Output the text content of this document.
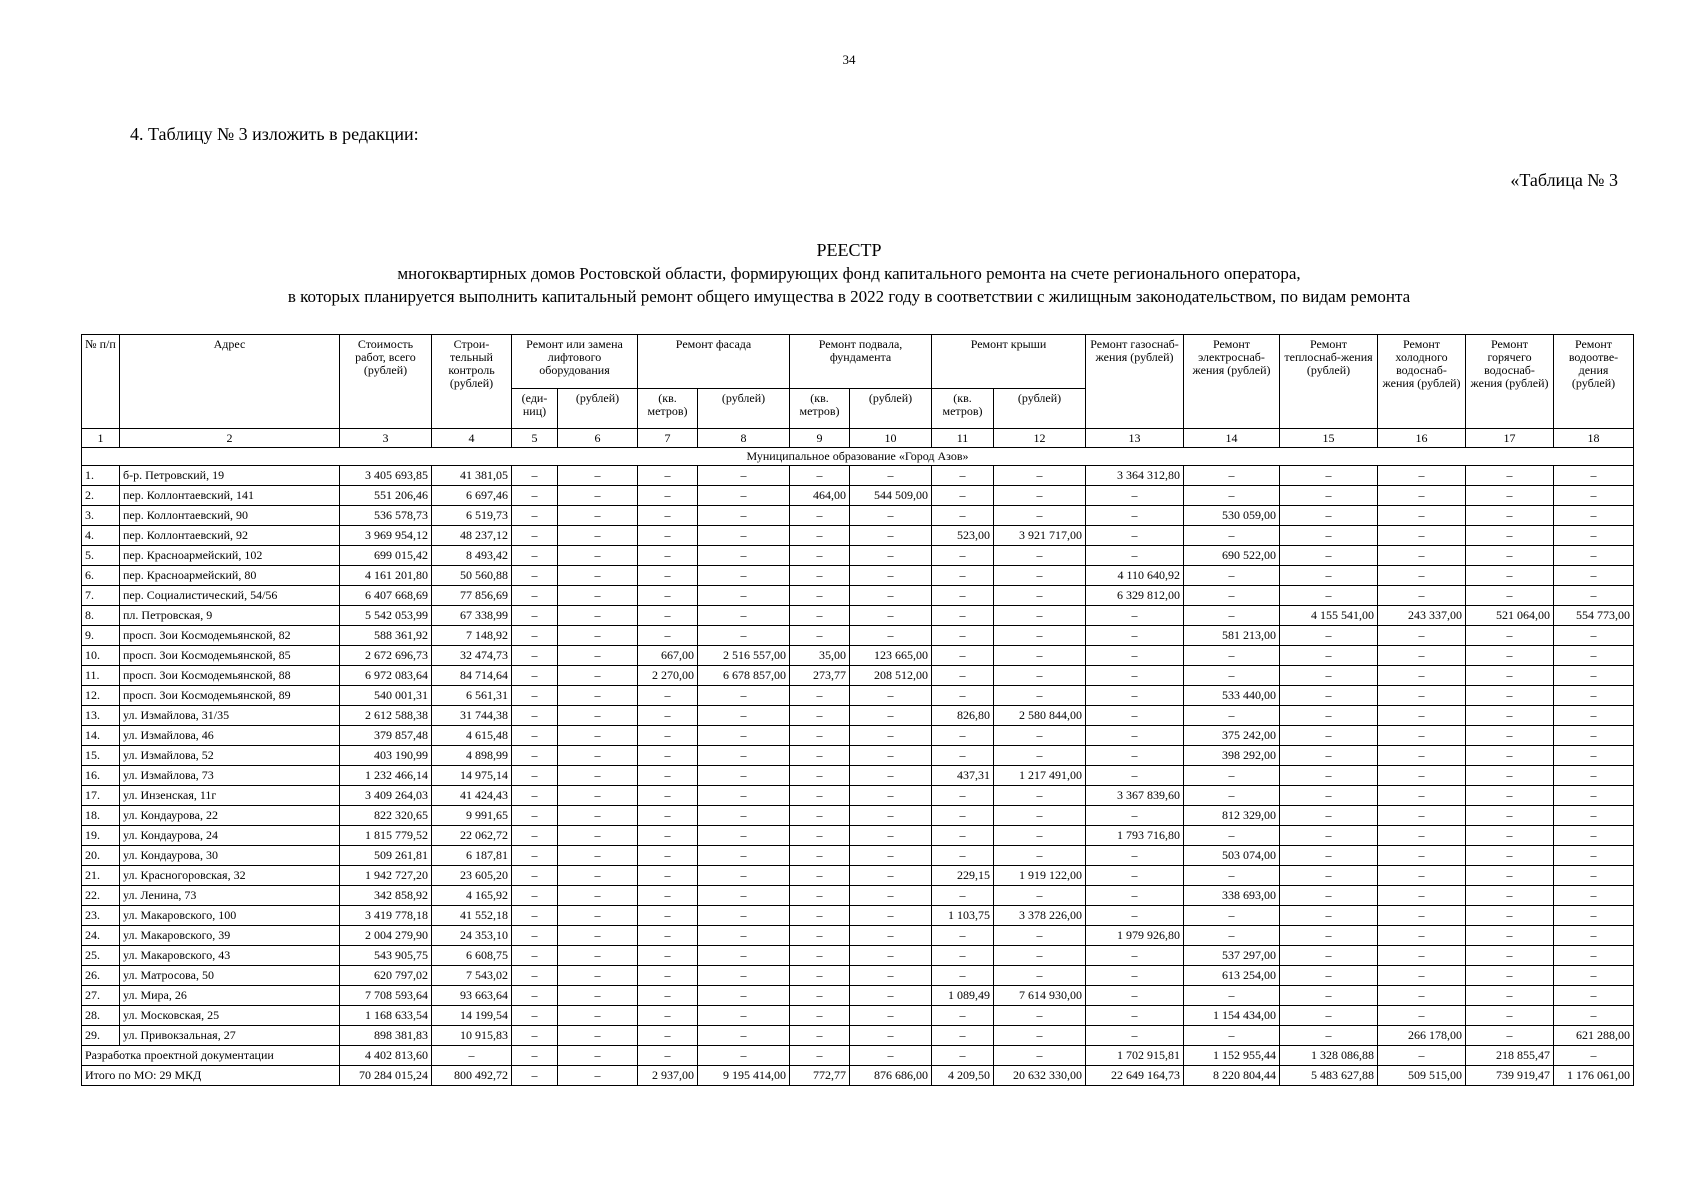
34
4. Таблицу № 3 изложить в редакции:
«Таблица № 3
РЕЕСТР
многоквартирных домов Ростовской области, формирующих фонд капитального ремонта на счете регионального оператора,
в которых планируется выполнить капитальный ремонт общего имущества в 2022 году в соответствии с жилищным законодательством, по видам ремонта
№ п/п	Адрес	Стоимость работ, всего (рублей)	Строи-тельный контроль (рублей)	Ремонт или замена лифтового оборудования		Ремонт фасада		Ремонт подвала, фундамента		Ремонт крыши		Ремонт газоснаб-жения (рублей)	Ремонт электроснаб-жения (рублей)	Ремонт теплоснаб-жения (рублей)	Ремонт холодного водоснаб-жения (рублей)	Ремонт горячего водоснаб-жения (рублей)	Ремонт водоотве-дения (рублей)
				(еди-ниц)	(рублей)	(кв. метров)	(рублей)	(кв. метров)	(рублей)	(кв. метров)	(рублей)						
1	2	3	4	5	6	7	8	9	10	11	12	13	14	15	16	17	18
Муниципальное образование «Город Азов»																	
1.	б-р. Петровский, 19	3 405 693,85	41 381,05	–	–	–	–	–	–	–	–	3 364 312,80	–	–	–	–	–
2.	пер. Коллонтаевский, 141	551 206,46	6 697,46	–	–	–	–	464,00	544 509,00	–	–	–	–	–	–	–	–
3.	пер. Коллонтаевский, 90	536 578,73	6 519,73	–	–	–	–	–	–	–	–	–	530 059,00	–	–	–	–
4.	пер. Коллонтаевский, 92	3 969 954,12	48 237,12	–	–	–	–	–	–	523,00	3 921 717,00	–	–	–	–	–	–
5.	пер. Красноармейский, 102	699 015,42	8 493,42	–	–	–	–	–	–	–	–	–	690 522,00	–	–	–	–
6.	пер. Красноармейский, 80	4 161 201,80	50 560,88	–	–	–	–	–	–	–	–	4 110 640,92	–	–	–	–	–
7.	пер. Социалистический, 54/56	6 407 668,69	77 856,69	–	–	–	–	–	–	–	–	6 329 812,00	–	–	–	–	–
8.	пл. Петровская, 9	5 542 053,99	67 338,99	–	–	–	–	–	–	–	–	–	–	4 155 541,00	243 337,00	521 064,00	554 773,00
9.	просп. Зои Космодемьянской, 82	588 361,92	7 148,92	–	–	–	–	–	–	–	–	–	581 213,00	–	–	–	–
10.	просп. Зои Космодемьянской, 85	2 672 696,73	32 474,73	–	–	667,00	2 516 557,00	35,00	123 665,00	–	–	–	–	–	–	–	–
11.	просп. Зои Космодемьянской, 88	6 972 083,64	84 714,64	–	–	2 270,00	6 678 857,00	273,77	208 512,00	–	–	–	–	–	–	–	–
12.	просп. Зои Космодемьянской, 89	540 001,31	6 561,31	–	–	–	–	–	–	–	–	–	533 440,00	–	–	–	–
13.	ул. Измайлова, 31/35	2 612 588,38	31 744,38	–	–	–	–	–	–	826,80	2 580 844,00	–	–	–	–	–	–
14.	ул. Измайлова, 46	379 857,48	4 615,48	–	–	–	–	–	–	–	–	–	375 242,00	–	–	–	–
15.	ул. Измайлова, 52	403 190,99	4 898,99	–	–	–	–	–	–	–	–	–	398 292,00	–	–	–	–
16.	ул. Измайлова, 73	1 232 466,14	14 975,14	–	–	–	–	–	–	437,31	1 217 491,00	–	–	–	–	–	–
17.	ул. Инзенская, 11г	3 409 264,03	41 424,43	–	–	–	–	–	–	–	–	3 367 839,60	–	–	–	–	–
18.	ул. Кондаурова, 22	822 320,65	9 991,65	–	–	–	–	–	–	–	–	–	812 329,00	–	–	–	–
19.	ул. Кондаурова, 24	1 815 779,52	22 062,72	–	–	–	–	–	–	–	–	1 793 716,80	–	–	–	–	–
20.	ул. Кондаурова, 30	509 261,81	6 187,81	–	–	–	–	–	–	–	–	–	503 074,00	–	–	–	–
21.	ул. Красногоровская, 32	1 942 727,20	23 605,20	–	–	–	–	–	–	229,15	1 919 122,00	–	–	–	–	–	–
22.	ул. Ленина, 73	342 858,92	4 165,92	–	–	–	–	–	–	–	–	–	338 693,00	–	–	–	–
23.	ул. Макаровского, 100	3 419 778,18	41 552,18	–	–	–	–	–	–	1 103,75	3 378 226,00	–	–	–	–	–	–
24.	ул. Макаровского, 39	2 004 279,90	24 353,10	–	–	–	–	–	–	–	–	1 979 926,80	–	–	–	–	–
25.	ул. Макаровского, 43	543 905,75	6 608,75	–	–	–	–	–	–	–	–	–	537 297,00	–	–	–	–
26.	ул. Матросова, 50	620 797,02	7 543,02	–	–	–	–	–	–	–	–	–	613 254,00	–	–	–	–
27.	ул. Мира, 26	7 708 593,64	93 663,64	–	–	–	–	–	–	1 089,49	7 614 930,00	–	–	–	–	–	–
28.	ул. Московская, 25	1 168 633,54	14 199,54	–	–	–	–	–	–	–	–	–	1 154 434,00	–	–	–	–
29.	ул. Привокзальная, 27	898 381,83	10 915,83	–	–	–	–	–	–	–	–	–	–	–	266 178,00	–	621 288,00
Разработка проектной документации		4 402 813,60	–	–	–	–	–	–	–	–	–	1 702 915,81	1 152 955,44	1 328 086,88	–	218 855,47	–
Итого по МО: 29 МКД		70 284 015,24	800 492,72	–	–	2 937,00	9 195 414,00	772,77	876 686,00	4 209,50	20 632 330,00	22 649 164,73	8 220 804,44	5 483 627,88	509 515,00	739 919,47	1 176 061,00
